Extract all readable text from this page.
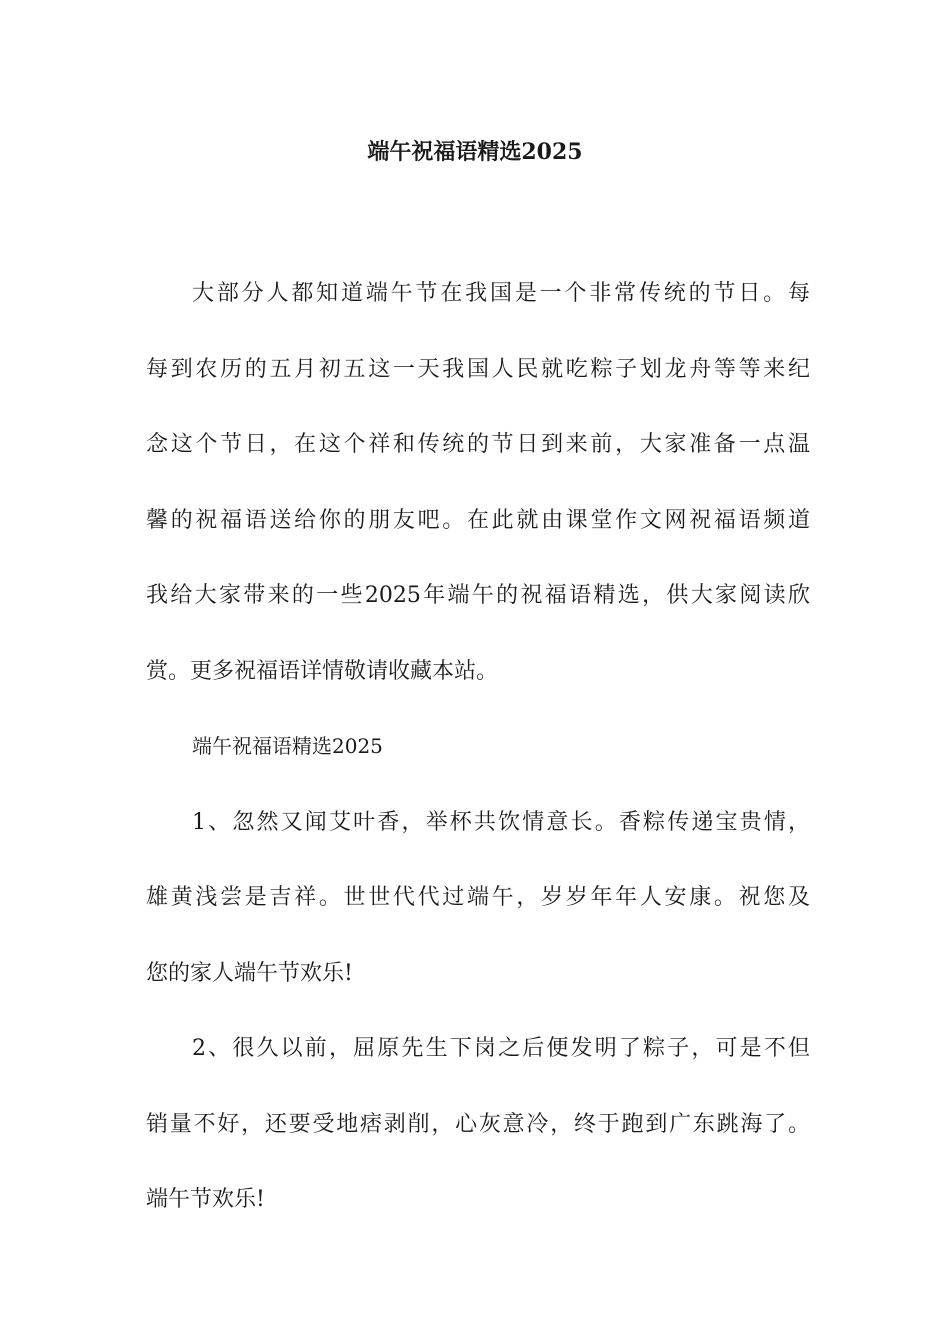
端午祝福语精选2025
大部分人都知道端午节在我国是一个非常传统的节日。每
每到农历的五月初五这一天我国人民就吃粽子划龙舟等等来纪
念这个节日，在这个祥和传统的节日到来前，大家准备一点温
馨的祝福语送给你的朋友吧。在此就由课堂作文网祝福语频道
我给大家带来的一些2025年端午的祝福语精选，供大家阅读欣
赏。更多祝福语详情敬请收藏本站。
端午祝福语精选2025
1、忽然又闻艾叶香，举杯共饮情意长。香粽传递宝贵情，
雄黄浅尝是吉祥。世世代代过端午，岁岁年年人安康。祝您及
您的家人端午节欢乐!
2、很久以前，屈原先生下岗之后便发明了粽子，可是不但
销量不好，还要受地痞剥削，心灰意冷，终于跑到广东跳海了。
端午节欢乐!
